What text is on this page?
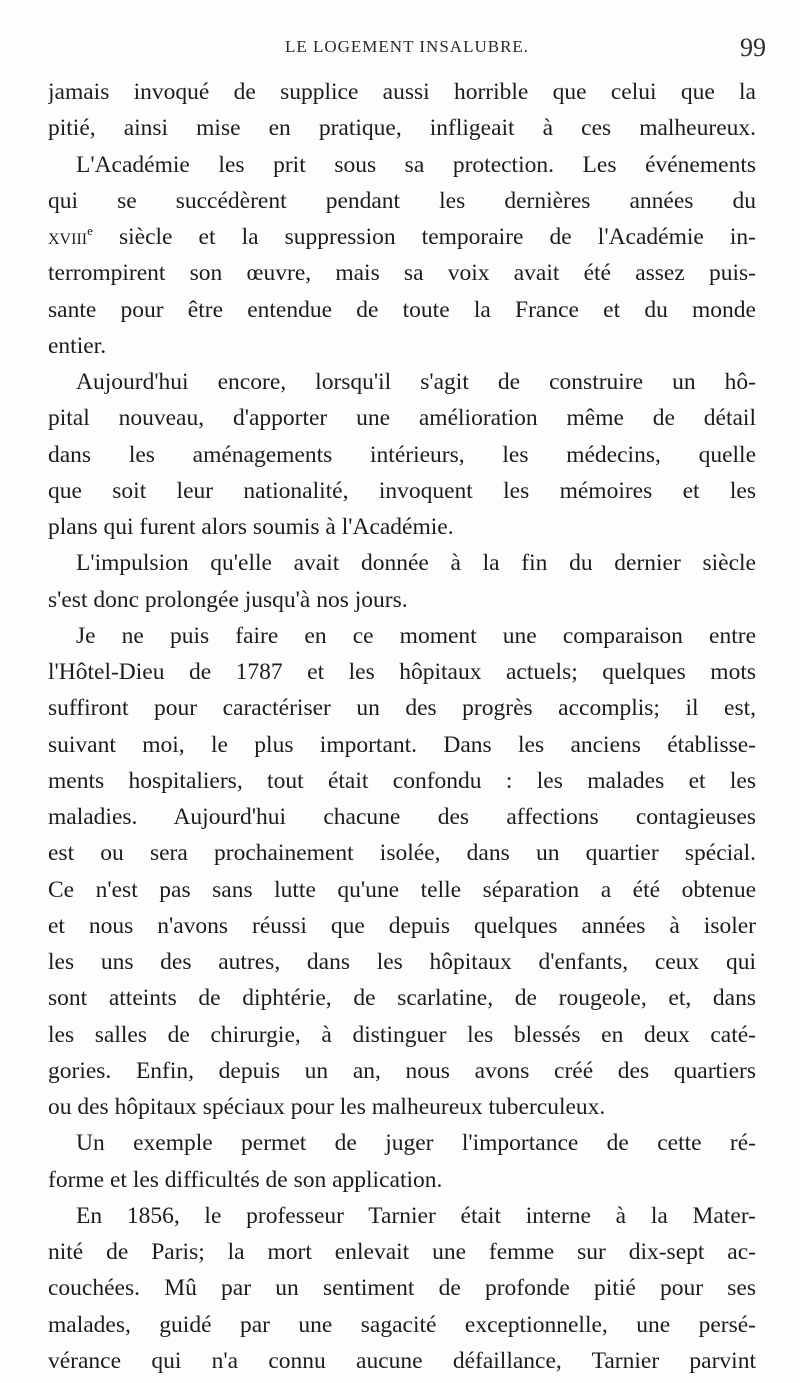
LE LOGEMENT INSALUBRE.	99
jamais invoqué de supplice aussi horrible que celui que la
pitié, ainsi mise en pratique, infligeait à ces malheureux.
L'Académie les prit sous sa protection. Les événements
qui se succédèrent pendant les dernières années du
xviii$^e$ siècle et la suppression temporaire de l'Académie in-
terrompirent son œuvre, mais sa voix avait été assez puis-
sante pour être entendue de toute la France et du monde
entier.
Aujourd'hui encore, lorsqu'il s'agit de construire un hô-
pital nouveau, d'apporter une amélioration même de détail
dans les aménagements intérieurs, les médecins, quelle
que soit leur nationalité, invoquent les mémoires et les
plans qui furent alors soumis à l'Académie.
L'impulsion qu'elle avait donnée à la fin du dernier siècle
s'est donc prolongée jusqu'à nos jours.
Je ne puis faire en ce moment une comparaison entre
l'Hôtel-Dieu de 1787 et les hôpitaux actuels; quelques mots
suffiront pour caractériser un des progrès accomplis; il est,
suivant moi, le plus important. Dans les anciens établisse-
ments hospitaliers, tout était confondu : les malades et les
maladies. Aujourd'hui chacune des affections contagieuses
est ou sera prochainement isolée, dans un quartier spécial.
Ce n'est pas sans lutte qu'une telle séparation a été obtenue
et nous n'avons réussi que depuis quelques années à isoler
les uns des autres, dans les hôpitaux d'enfants, ceux qui
sont atteints de diphtérie, de scarlatine, de rougeole, et, dans
les salles de chirurgie, à distinguer les blessés en deux caté-
gories. Enfin, depuis un an, nous avons créé des quartiers
ou des hôpitaux spéciaux pour les malheureux tuberculeux.
Un exemple permet de juger l'importance de cette ré-
forme et les difficultés de son application.
En 1856, le professeur Tarnier était interne à la Mater-
nité de Paris; la mort enlevait une femme sur dix-sept ac-
couchées. Mû par un sentiment de profonde pitié pour ses
malades, guidé par une sagacité exceptionnelle, une persé-
vérance qui n'a connu aucune défaillance, Tarnier parvint
